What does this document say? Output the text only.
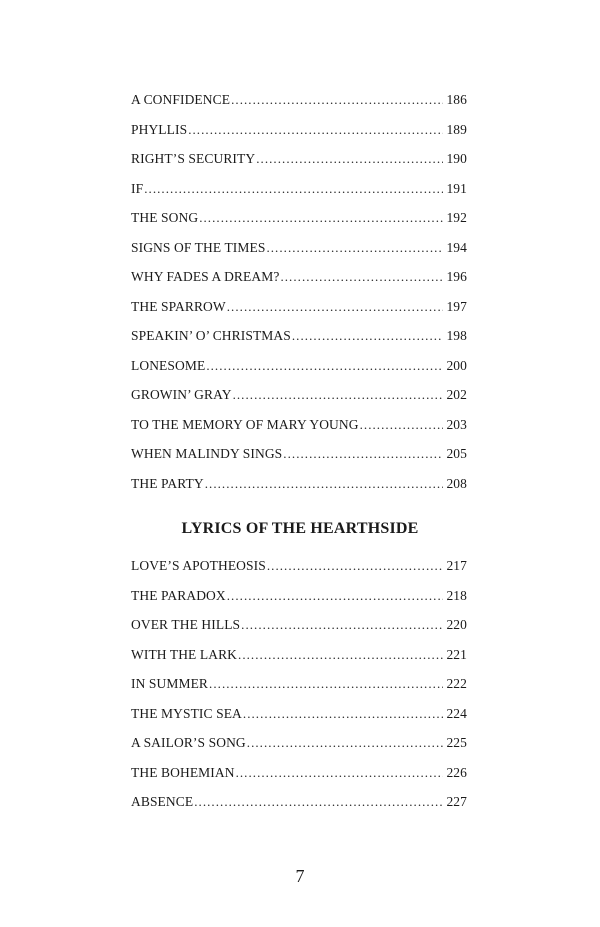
A CONFIDENCE . . .	186
PHYLLIS . . .	189
RIGHT’S SECURITY . . .	190
IF . . .	191
THE SONG . . .	192
SIGNS OF THE TIMES . . .	194
WHY FADES A DREAM? . . .	196
THE SPARROW . . .	197
SPEAKIN’ O’ CHRISTMAS . . .	198
LONESOME . . .	200
GROWIN’ GRAY . . .	202
TO THE MEMORY OF MARY YOUNG . . .	203
WHEN MALINDY SINGS . . .	205
THE PARTY . . .	208
LYRICS OF THE HEARTHSIDE
LOVE’S APOTHEOSIS . . .	217
THE PARADOX . . .	218
OVER THE HILLS . . .	220
WITH THE LARK . . .	221
IN SUMMER . . .	222
THE MYSTIC SEA . . .	224
A SAILOR’S SONG . . .	225
THE BOHEMIAN . . .	226
ABSENCE . . .	227
7
